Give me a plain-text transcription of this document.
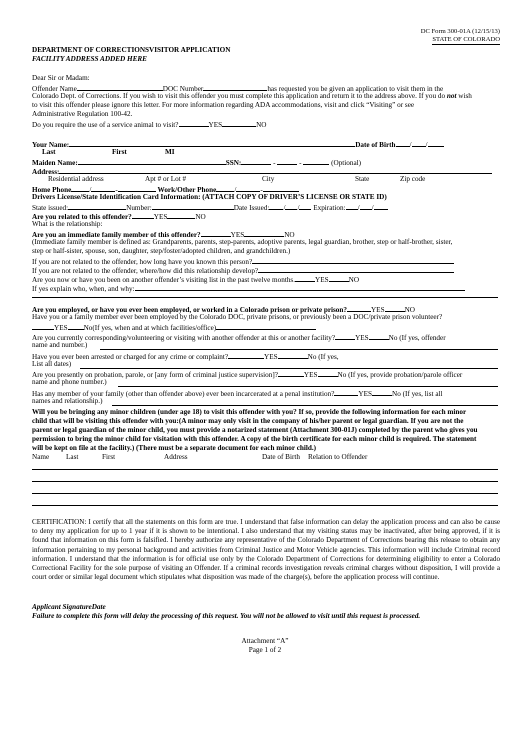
DC Form 300-01A (12/15/13)
STATE OF COLORADO
DEPARTMENT OF CORRECTIONSVISITOR APPLICATION
FACILITY ADDRESS ADDED HERE
Dear Sir or Madam:
Offender Name	DOC Number	has requested you be given an application to visit them in the
Colorado Dept. of Corrections. If you wish to visit this offender you must complete this application and return it to the address above. If you do not wish
to visit this offender please ignore this letter. For more information regarding ADA accommodations, visit and click “Visiting” or see
Administrative Regulation 100-42.
Do you require the use of a service animal to visit?	YES	NO
Your Name:	Date of Birth / /
Last	First	MI
Maiden Name:	SSN:	-	-	(Optional)
Address:
Residential address	Apt # or Lot #	City	State	Zip code
Home Phone	/	-	Work/Other Phone	/	-
Drivers License/State Identification Card Information: (ATTACH COPY OF DRIVER’S LICENSE OR STATE ID)
State issued:	Number:	Date Issued: / / Expiration: / /
Are you related to this offender?	YES	NO
What is the relationship:
Are you an immediate family member of this offender?	YES	NO
(Immediate family member is defined as: Grandparents, parents, step-parents, adoptive parents, legal guardian, brother, step or half-brother, sister,
step or half-sister, spouse, son, daughter, step/foster/adopted children, and grandchildren.)
If you are not related to the offender, how long have you known this person?
If you are not related to the offender, where/how did this relationship develop?
Are you now or have you been on another offender’s visiting list in the past twelve months.	YES	NO
If yes explain who, when, and why:
Are you employed, or have you ever been employed, or worked in a Colorado prison or private prison?	YES	NO
Have you or a family member ever been employed by the Colorado DOC, private prisons, or previously been a DOC/private prison volunteer?
YES No(If yes, when and at which facilities/office)
Are you currently corresponding/volunteering or visiting with another offender at this or another facility?	YES	No (If yes, offender
name and number.)
Have you ever been arrested or charged for any crime or complaint?	YES	No (If yes,
List all dates)
Are you presently on probation, parole, or [any form of criminal justice supervision]?	YES	No (If yes, provide probation/parole officer
name and phone number.)
Has any member of your family (other than offender above) ever been incarcerated at a penal institution?	YES	No (If yes, list all
names and relationship.)
Will you be bringing any minor children (under age 18) to visit this offender with you? If so, provide the following information for each minor
child that will be visiting this offender with you:(A minor may only visit in the company of his/her parent or legal guardian. If you are not the
parent or legal guardian of the minor child, you must provide a notarized statement (Attachment 300-01J) completed by the parent who gives you
permission to bring the minor child for visitation with this offender. A copy of the birth certificate for each minor child is required. The statement
will be kept on file at the facility.) (There must be a separate document for each minor child.)
Name Last	First	Address	Date of Birth Relation to Offender
CERTIFICATION: I certify that all the statements on this form are true. I understand that false information can delay the application process and can also be cause to deny my application for up to 1 year if it is shown to be intentional. I also understand that my visiting status may be inactivated, after being approved, if it is found that information on this form is falsified. I hereby authorize any representative of the Colorado Department of Corrections bearing this release to obtain any information pertaining to my personal background and activities from Criminal Justice and Motor Vehicle agencies. This information will include Criminal record information. I understand that the information is for official use only by the Colorado Department of Corrections for determining eligibility to enter a Colorado Correctional Facility for the sole purpose of visiting an Offender. If a criminal records investigation reveals criminal charges without disposition, I will provide a court order or similar legal document which stipulates what disposition was made of the charge(s), before the application process will continue.
Applicant SignatureDate
Failure to complete this form will delay the processing of this request. You will not be allowed to visit until this request is processed.
Attachment “A”
Page 1 of 2
